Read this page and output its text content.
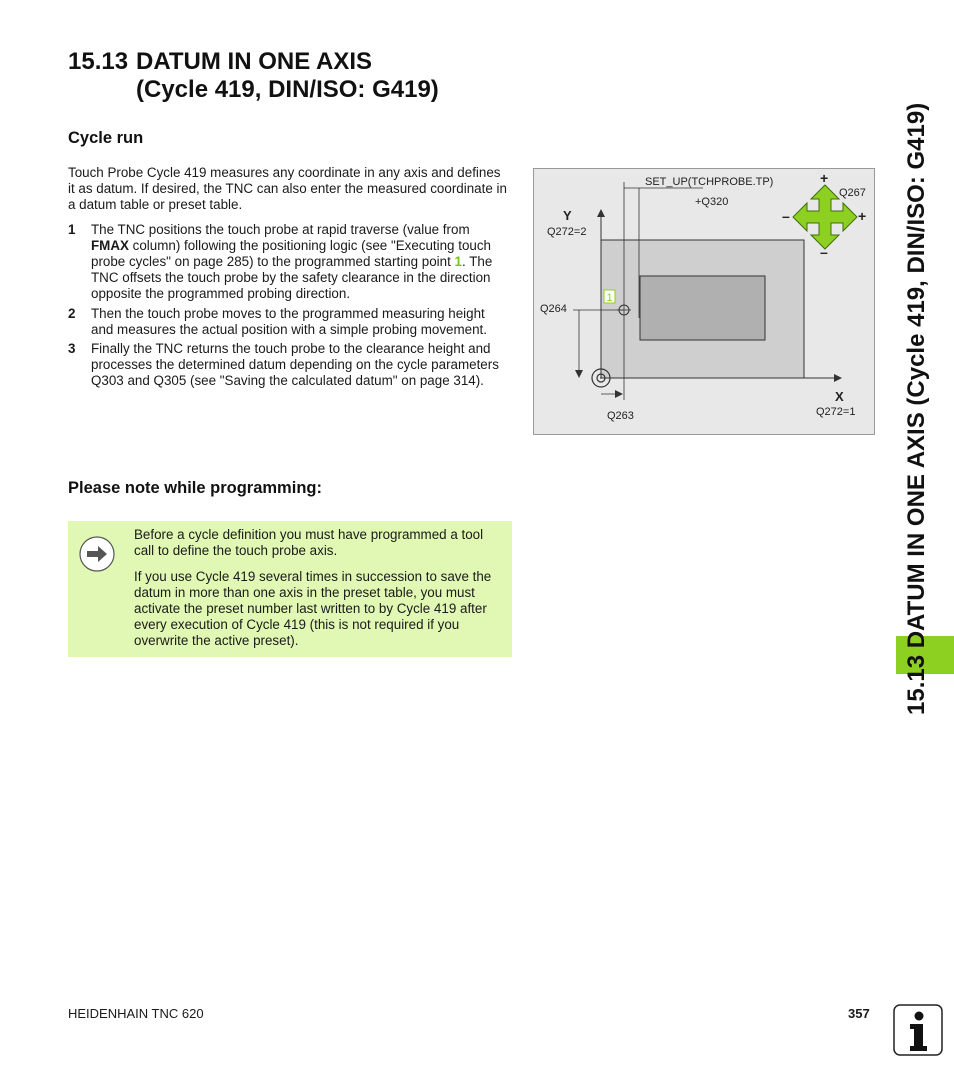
15.13 DATUM IN ONE AXIS
(Cycle 419, DIN/ISO: G419)
Cycle run

Touch Probe Cycle 419 measures any coordinate in any axis and defines it as datum. If desired, the TNC can also enter the measured coordinate in a datum table or preset table.

1 The TNC positions the touch probe at rapid traverse (value from FMAX column) following the positioning logic (see "Executing touch probe cycles" on page 285) to the programmed starting point 1. The TNC offsets the touch probe by the safety clearance in the direction opposite the programmed probing direction.
2 Then the touch probe moves to the programmed measuring height and measures the actual position with a simple probing movement.
3 Finally the TNC returns the touch probe to the clearance height and processes the determined datum depending on the cycle parameters Q303 and Q305 (see "Saving the calculated datum" on page 314).
1
SET_UP(TCHPROBE.TP)
+Q320
Y
Q272=2
Q264
X
Q263	Q272=1
+
Q267
–	+
–
Please note while programming:

Before a cycle definition you must have programmed a tool call to define the touch probe axis.

If you use Cycle 419 several times in succession to save the datum in more than one axis in the preset table, you must activate the preset number last written to by Cycle 419 after every execution of Cycle 419 (this is not required if you overwrite the active preset).	15.13 DATUM IN ONE AXIS (Cycle 419, DIN/ISO: G419)
HEIDENHAIN TNC 620	357
